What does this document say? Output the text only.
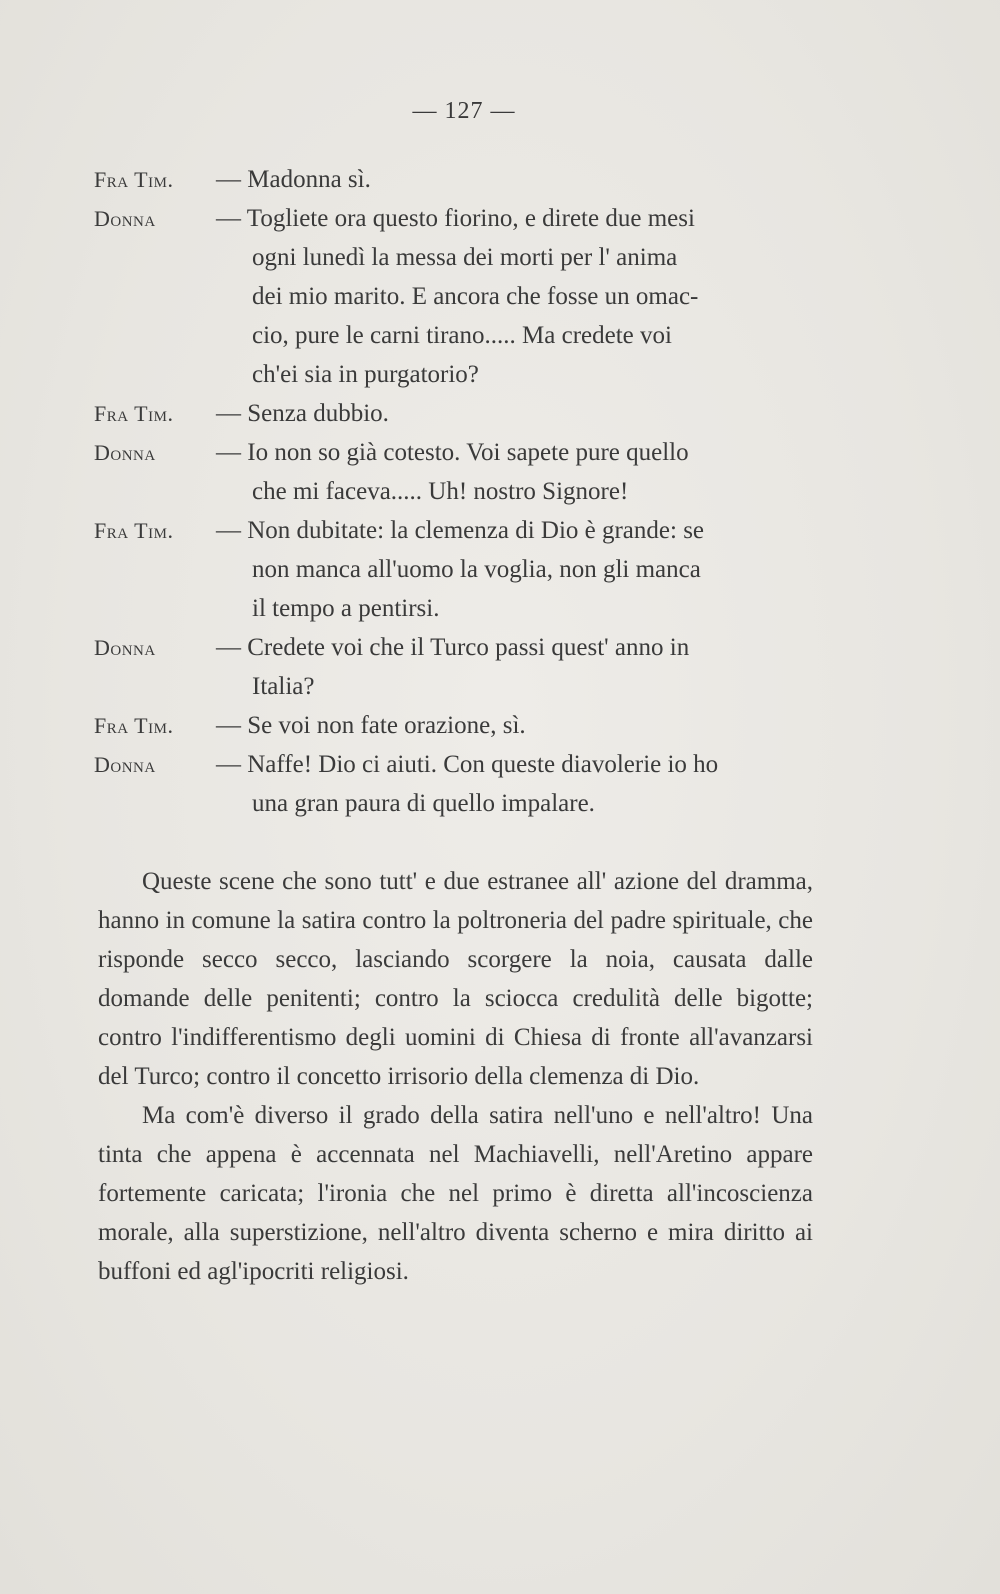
— 127 —
Fra Tim.	— Madonna sì.
Donna	— Togliete ora questo fiorino, e direte due mesi
ogni lunedì la messa dei morti per l' anima
dei mio marito. E ancora che fosse un omac-
cio, pure le carni tirano..... Ma credete voi
ch'ei sia in purgatorio?
Fra Tim.	— Senza dubbio.
Donna	— Io non so già cotesto. Voi sapete pure quello
che mi faceva..... Uh! nostro Signore!
Fra Tim.	— Non dubitate: la clemenza di Dio è grande: se
non manca all'uomo la voglia, non gli manca
il tempo a pentirsi.
Donna	— Credete voi che il Turco passi quest' anno in
Italia?
Fra Tim.	— Se voi non fate orazione, sì.
Donna	— Naffe! Dio ci aiuti. Con queste diavolerie io ho
una gran paura di quello impalare.

Queste scene che sono tutt' e due estranee all' azione del dramma, hanno in comune la satira contro la poltroneria del padre spirituale, che risponde secco secco, lasciando scorgere la noia, causata dalle domande delle penitenti; contro la sciocca credulità delle bigotte; contro l'indifferentismo degli uomini di Chiesa di fronte all'avanzarsi del Turco; contro il concetto irrisorio della clemenza di Dio.

Ma com'è diverso il grado della satira nell'uno e nell'altro! Una tinta che appena è accennata nel Machiavelli, nell'Aretino appare fortemente caricata; l'ironia che nel primo è diretta all'incoscienza morale, alla superstizione, nell'altro diventa scherno e mira diritto ai buffoni ed agl'ipocriti religiosi.
